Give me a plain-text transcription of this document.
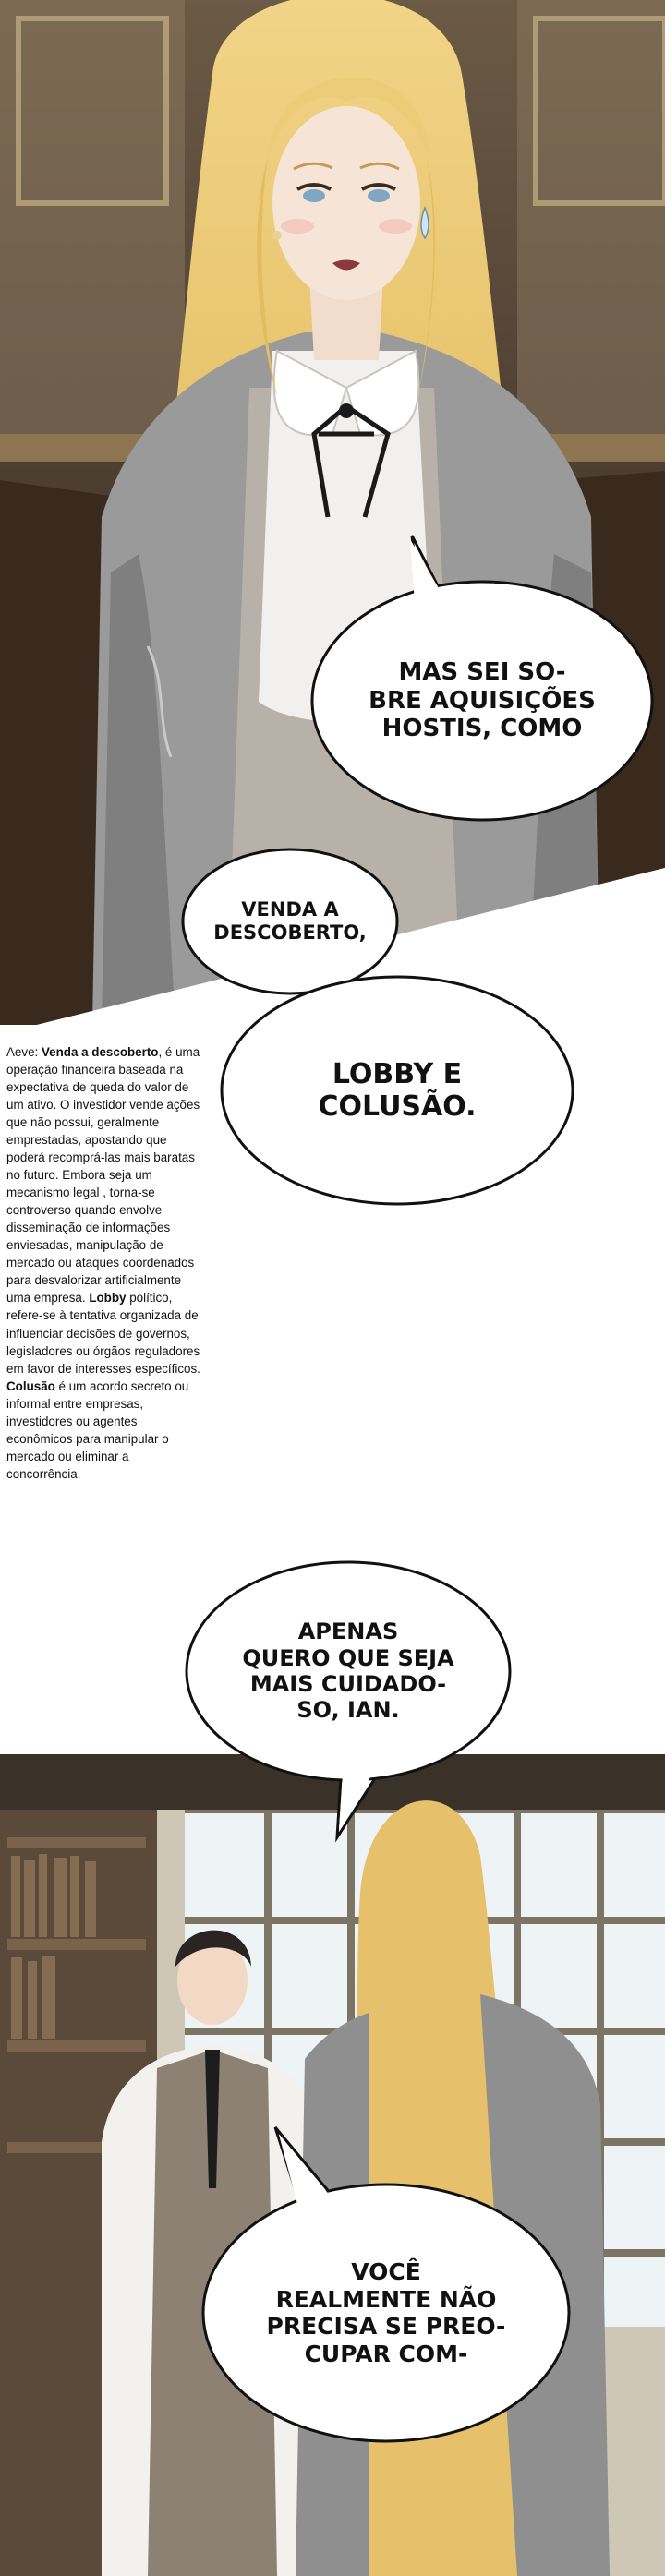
MAS SEI SO-
BRE AQUISIÇÕES
HOSTIS, COMO
VENDA A
DESCOBERTO,
LOBBY E
COLUSÃO.
Aeve: Venda a descoberto, é uma operação financeira baseada na expectativa de queda do valor de um ativo. O investidor vende ações que não possui, geralmente emprestadas, apostando que poderá recomprá-las mais baratas no futuro. Embora seja um mecanismo legal , torna-se controverso quando envolve disseminação de informações enviesadas, manipulação de mercado ou ataques coordenados para desvalorizar artificialmente uma empresa. Lobby político, refere-se à tentativa organizada de influenciar decisões de governos, legisladores ou órgãos reguladores em favor de interesses específicos. Colusão é um acordo secreto ou informal entre empresas, investidores ou agentes econômicos para manipular o mercado ou eliminar a concorrência.
APENAS
QUERO QUE SEJA
MAIS CUIDADO-
SO, IAN.
VOCÊ
REALMENTE NÃO
PRECISA SE PREO-
CUPAR COM-
